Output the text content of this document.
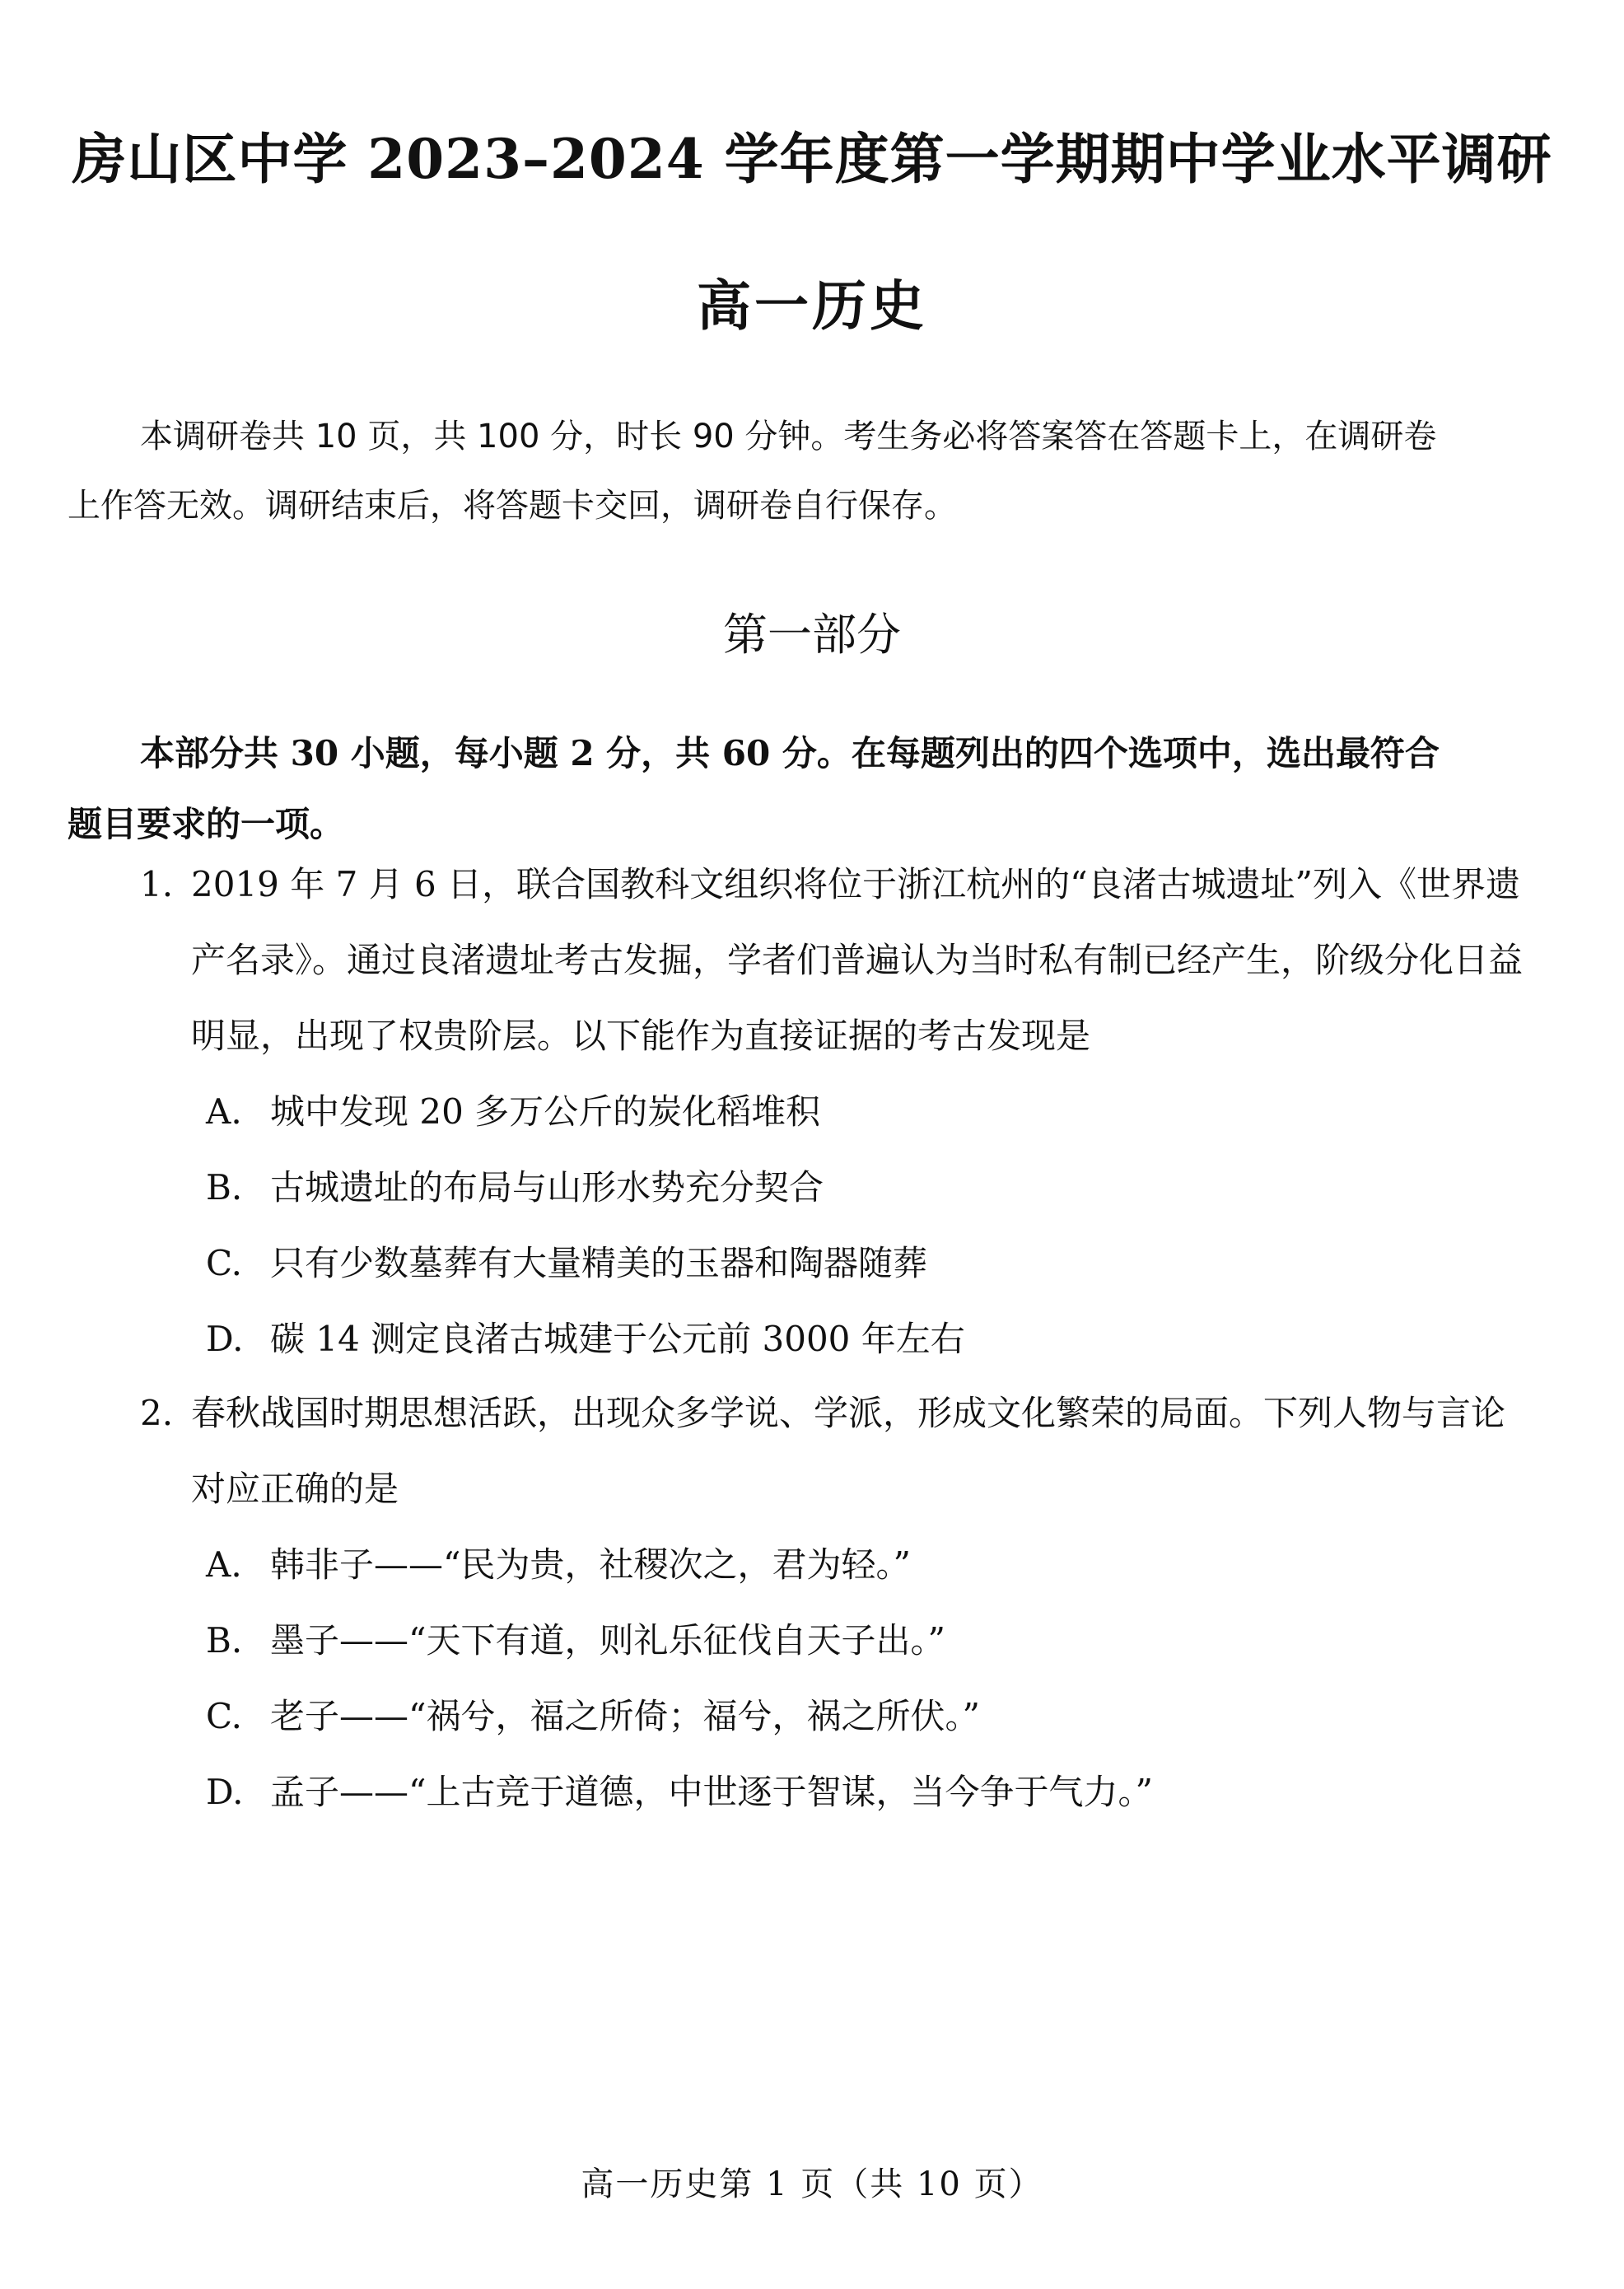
房山区中学 2023–2024 学年度第一学期期中学业水平调研
高一历史
本调研卷共 10 页，共 100 分，时长 90 分钟。考生务必将答案答在答题卡上，在调研卷上作答无效。调研结束后，将答题卡交回，调研卷自行保存。
第一部分
本部分共 30 小题，每小题 2 分，共 60 分。在每题列出的四个选项中，选出最符合题目要求的一项。
1. 2019 年 7 月 6 日，联合国教科文组织将位于浙江杭州的“良渚古城遗址”列入《世界遗产名录》。通过良渚遗址考古发掘，学者们普遍认为当时私有制已经产生，阶级分化日益明显，出现了权贵阶层。以下能作为直接证据的考古发现是
A. 城中发现 20 多万公斤的炭化稻堆积
B. 古城遗址的布局与山形水势充分契合
C. 只有少数墓葬有大量精美的玉器和陶器随葬
D. 碳 14 测定良渚古城建于公元前 3000 年左右
2. 春秋战国时期思想活跃，出现众多学说、学派，形成文化繁荣的局面。下列人物与言论对应正确的是
A. 韩非子——“民为贵，社稷次之，君为轻。”
B. 墨子——“天下有道，则礼乐征伐自天子出。”
C. 老子——“祸兮，福之所倚；福兮，祸之所伏。”
D. 孟子——“上古竞于道德，中世逐于智谋，当今争于气力。”
高一历史第 1 页（共 10 页）
